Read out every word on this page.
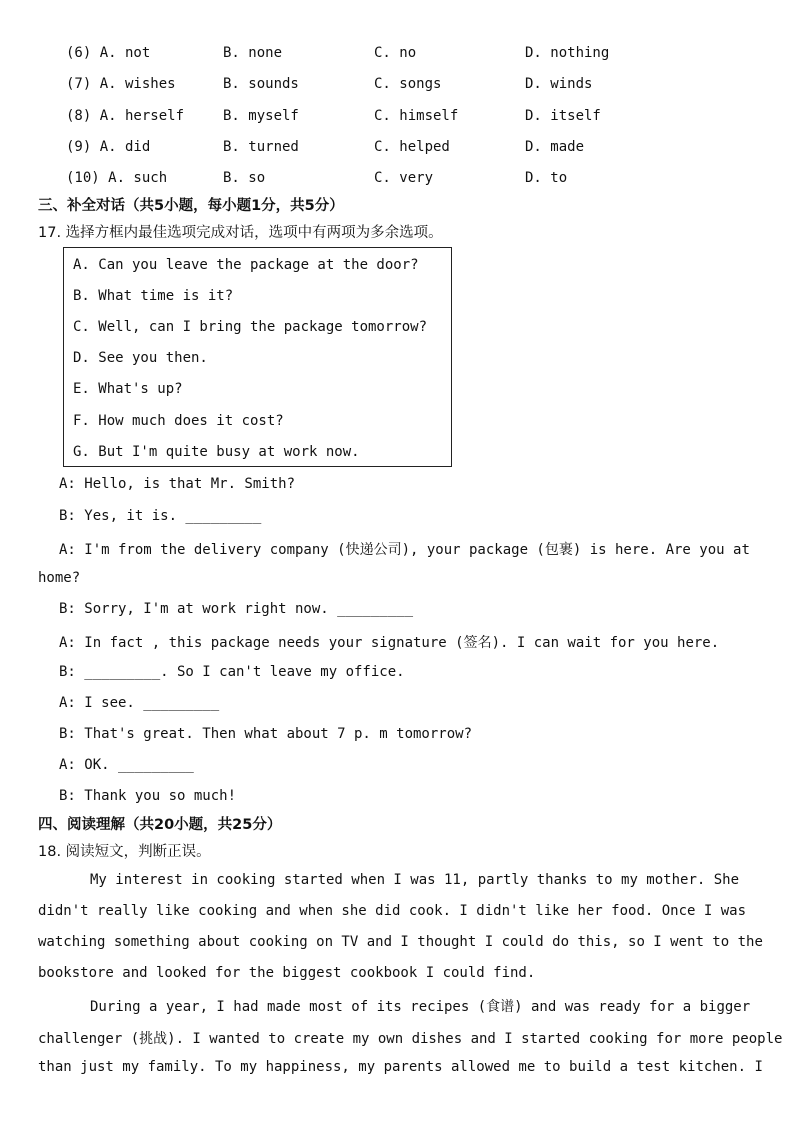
(6) A. not	B. none	C. no	D. nothing
(7) A. wishes	B. sounds	C. songs	D. winds
(8) A. herself	B. myself	C. himself	D. itself
(9) A. did	B. turned	C. helped	D. made
(10) A. such	B. so	C. very	D. to
三、补全对话（共5小题，每小题1分，共5分）
17. 选择方框内最佳选项完成对话，选项中有两项为多余选项。
A. Can you leave the package at the door?
B. What time is it?
C. Well, can I bring the package tomorrow?
D. See you then.
E. What's up?
F. How much does it cost?
G. But I'm quite busy at work now.
A: Hello, is that Mr. Smith?
B: Yes, it is. _________
A: I'm from the delivery company (快递公司), your package (包裹) is here. Are you at
home?
B: Sorry, I'm at work right now. _________
A: In fact , this package needs your signature (签名). I can wait for you here.
B: _________. So I can't leave my office.
A: I see. _________
B: That's great. Then what about 7 p. m tomorrow?
A: OK. _________
B: Thank you so much!
四、阅读理解（共20小题，共25分）
18. 阅读短文，判断正误。
My interest in cooking started when I was 11, partly thanks to my mother. She
didn't really like cooking and when she did cook. I didn't like her food. Once I was
watching something about cooking on TV and I thought I could do this, so I went to the
bookstore and looked for the biggest cookbook I could find.
During a year, I had made most of its recipes (食谱) and was ready for a bigger
challenger (挑战). I wanted to create my own dishes and I started cooking for more people
than just my family. To my happiness, my parents allowed me to build a test kitchen. I
